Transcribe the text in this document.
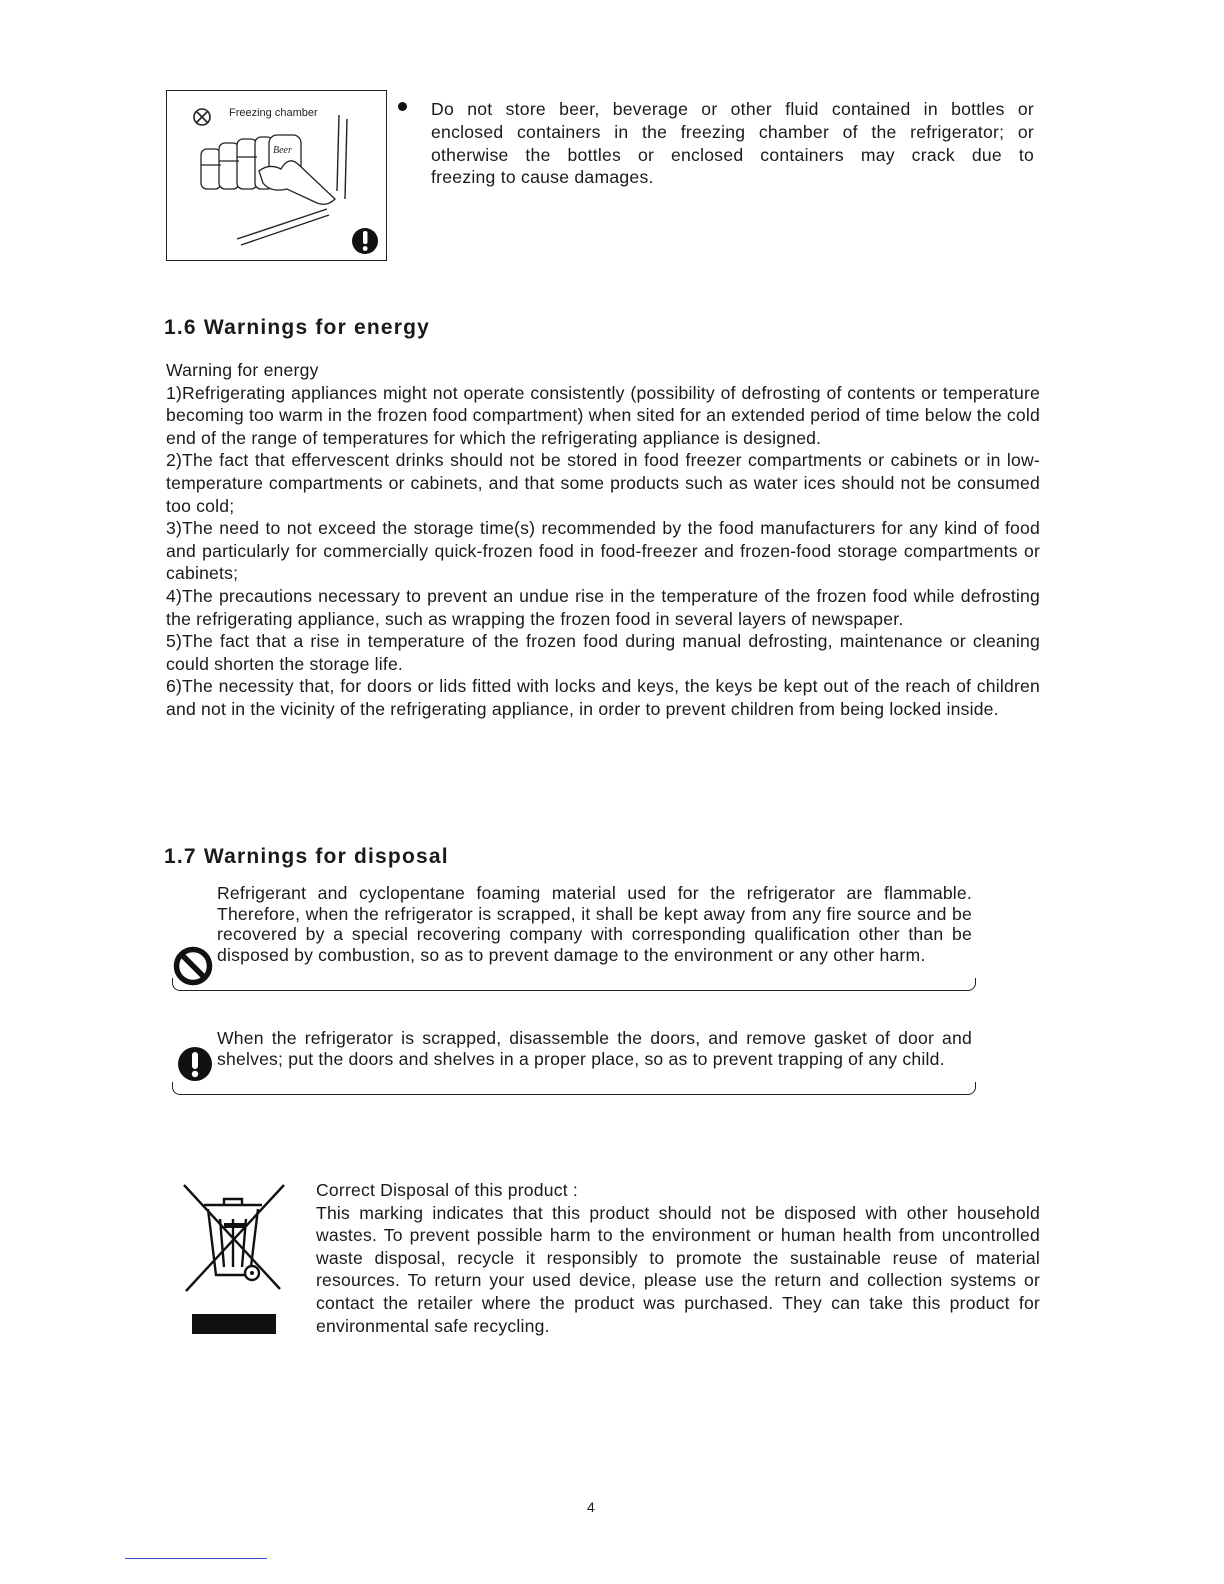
Freezing chamber
Beer
Do not store beer, beverage or other fluid contained in bottles or
enclosed containers in the freezing chamber of the refrigerator; or
otherwise the bottles or enclosed containers may crack due to
freezing to cause damages.
1.6 Warnings for energy

Warning for energy

1)Refrigerating appliances might not operate consistently (possibility of defrosting of contents or temperature becoming too warm in the frozen food compartment) when sited for an extended period of time below the cold end of the range of temperatures for which the refrigerating appliance is designed.

2)The fact that effervescent drinks should not be stored in food freezer compartments or cabinets or in low-temperature compartments or cabinets, and that some products such as water ices should not be consumed too cold;

3)The need to not exceed the storage time(s) recommended by the food manufacturers for any kind of food and particularly for commercially quick-frozen food in food-freezer and frozen-food storage compartments or cabinets;

4)The precautions necessary to prevent an undue rise in the temperature of the frozen food while defrosting the refrigerating appliance, such as wrapping the frozen food in several layers of newspaper.

5)The fact that a rise in temperature of the frozen food during manual defrosting, maintenance or cleaning could shorten the storage life.

6)The necessity that, for doors or lids fitted with locks and keys, the keys be kept out of the reach of children and not in the vicinity of the refrigerating appliance, in order to prevent children from being locked inside.

1.7 Warnings for disposal

Refrigerant and cyclopentane foaming material used for the refrigerator are flammable. Therefore, when the refrigerator is scrapped, it shall be kept away from any fire source and be recovered by a special recovering company with corresponding qualification other than be disposed by combustion, so as to prevent damage to the environment or any other harm.

When the refrigerator is scrapped, disassemble the doors, and remove gasket of door and shelves; put the doors and shelves in a proper place, so as to prevent trapping of any child.

Correct Disposal of this product :

This marking indicates that this product should not be disposed with other household wastes. To prevent possible harm to the environment or human health from uncontrolled waste disposal, recycle it responsibly to promote the sustainable reuse of material resources. To return your used device, please use the return and collection systems or contact the retailer where the product was purchased. They can take this product for environmental safe recycling.

4
